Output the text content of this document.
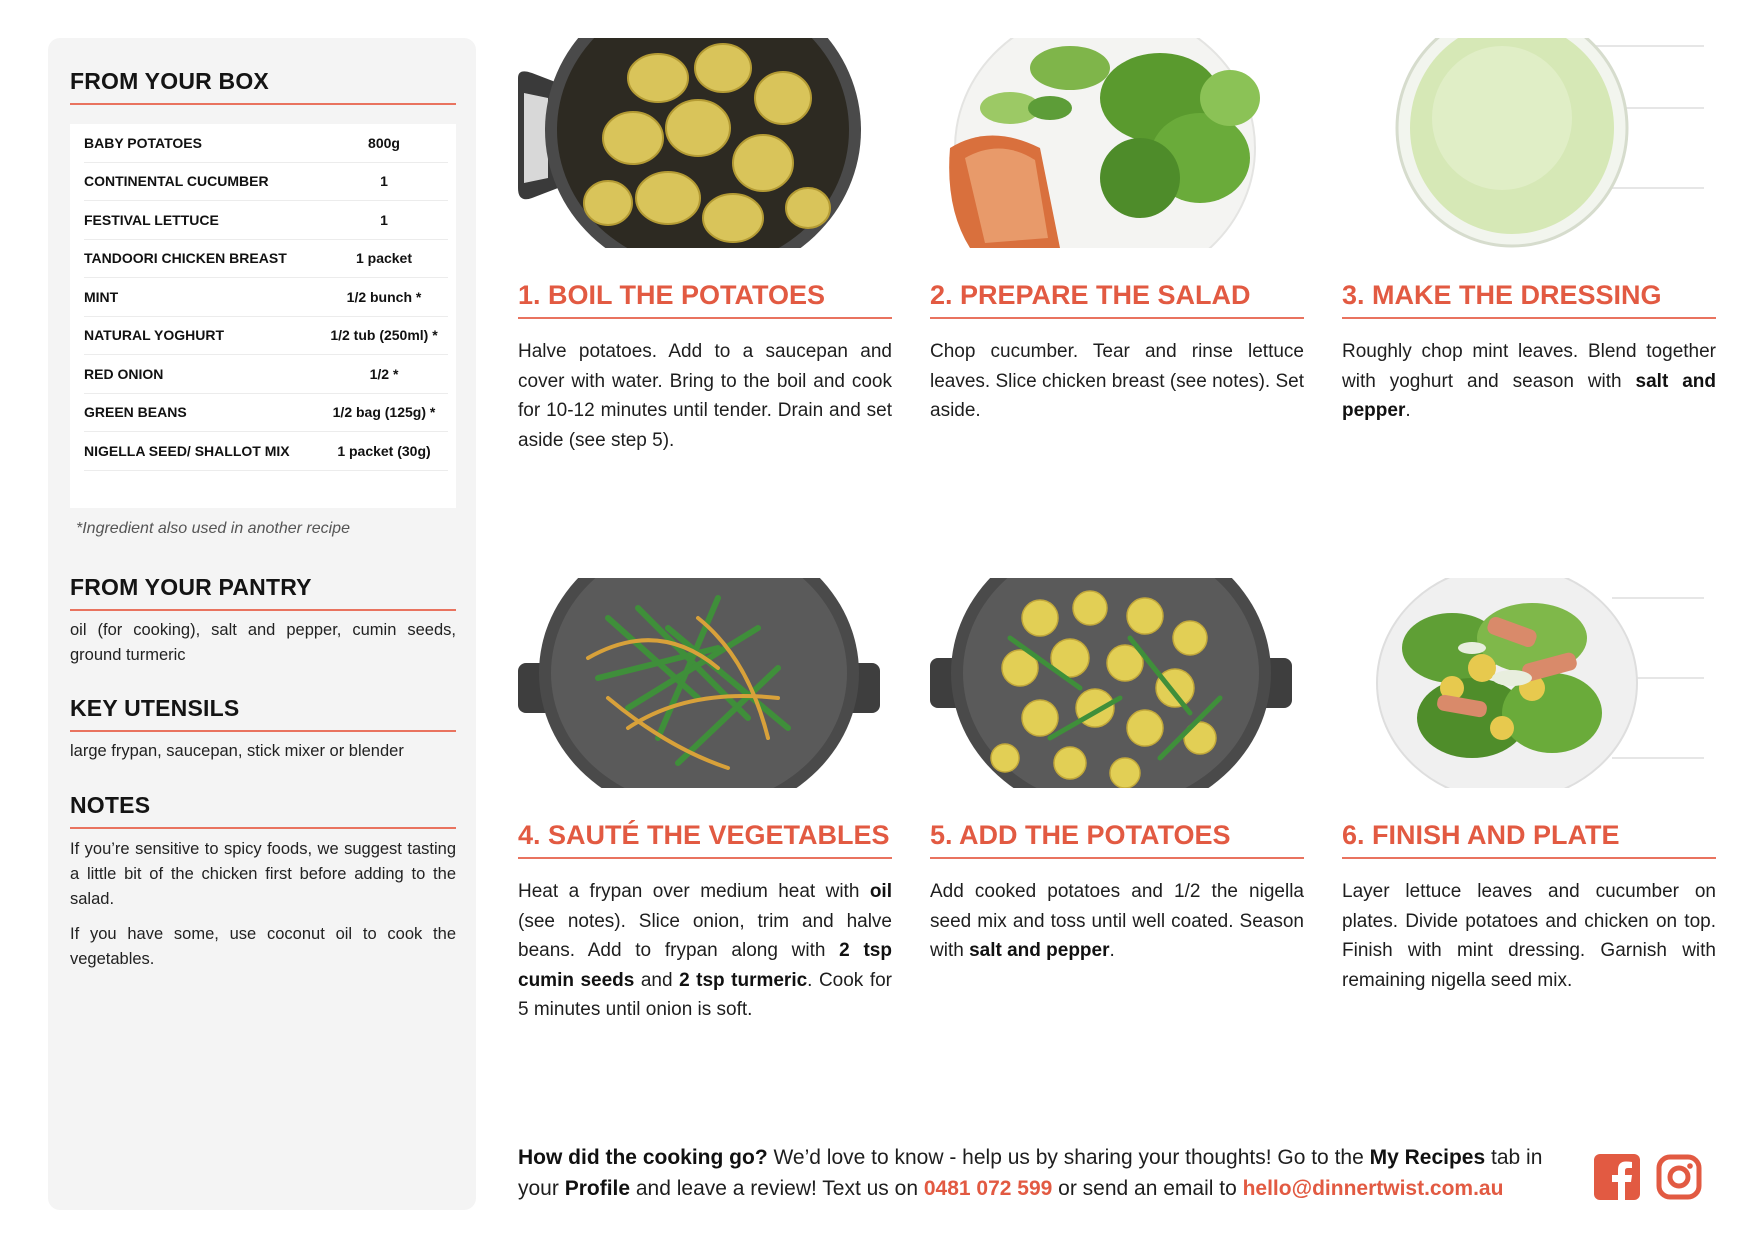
FROM YOUR BOX
BABY POTATOES	800g
CONTINENTAL CUCUMBER	1
FESTIVAL LETTUCE	1
TANDOORI CHICKEN BREAST	1 packet
MINT	1/2 bunch *
NATURAL YOGHURT	1/2 tub (250ml) *
RED ONION	1/2 *
GREEN BEANS	1/2 bag (125g) *
NIGELLA SEED/ SHALLOT MIX	1 packet (30g)
*Ingredient also used in another recipe
FROM YOUR PANTRY
oil (for cooking), salt and pepper, cumin seeds, ground turmeric
KEY UTENSILS
large frypan, saucepan, stick mixer or blender
NOTES

If you’re sensitive to spicy foods, we suggest tasting a little bit of the chicken first before adding to the salad.

If you have some, use coconut oil to cook the vegetables.

1. BOIL THE POTATOES
Halve potatoes. Add to a saucepan and cover with water. Bring to the boil and cook for 10-12 minutes until tender. Drain and set aside (see step 5).
2. PREPARE THE SALAD
Chop cucumber. Tear and rinse lettuce leaves. Slice chicken breast (see notes). Set aside.
3. MAKE THE DRESSING
Roughly chop mint leaves. Blend together with yoghurt and season with salt and pepper.
4. SAUTÉ THE VEGETABLES
Heat a frypan over medium heat with oil (see notes). Slice onion, trim and halve beans. Add to frypan along with 2 tsp cumin seeds and 2 tsp turmeric. Cook for 5 minutes until onion is soft.
5. ADD THE POTATOES
Add cooked potatoes and 1/2 the nigella seed mix and toss until well coated. Season with salt and pepper.
6. FINISH AND PLATE
Layer lettuce leaves and cucumber on plates. Divide potatoes and chicken on top. Finish with mint dressing. Garnish with remaining nigella seed mix.
How did the cooking go? We’d love to know - help us by sharing your thoughts! Go to the My Recipes tab in your Profile and leave a review! Text us on 0481 072 599 or send an email to hello@dinnertwist.com.au
